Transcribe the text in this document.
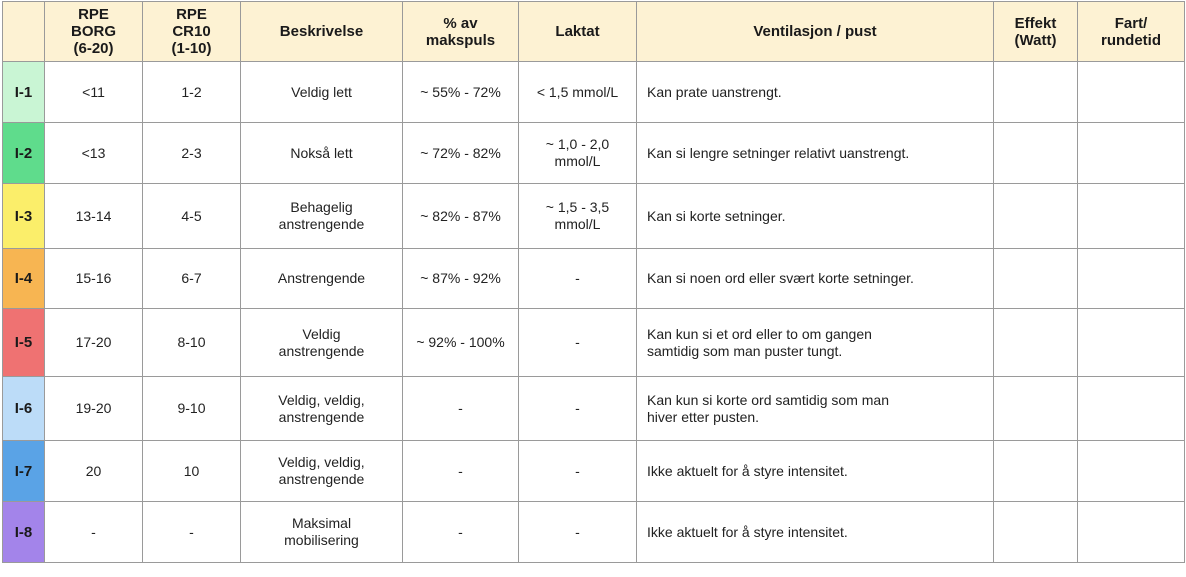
	RPE
BORG
(6-20)	RPE
CR10
(1-10)	Beskrivelse	% av
makspuls	Laktat	Ventilasjon / pust	Effekt
(Watt)	Fart/
rundetid
I-1	<11	1-2	Veldig lett	~ 55% - 72%	< 1,5 mmol/L	Kan prate uanstrengt.		
I-2	<13	2-3	Nokså lett	~ 72% - 82%	~ 1,0 - 2,0
mmol/L	Kan si lengre setninger relativt uanstrengt.		
I-3	13-14	4-5	Behagelig
anstrengende	~ 82% - 87%	~ 1,5 - 3,5
mmol/L	Kan si korte setninger.		
I-4	15-16	6-7	Anstrengende	~ 87% - 92%	-	Kan si noen ord eller svært korte setninger.		
I-5	17-20	8-10	Veldig
anstrengende	~ 92% - 100%	-	Kan kun si et ord eller to om gangen
samtidig som man puster tungt.		
I-6	19-20	9-10	Veldig, veldig,
anstrengende	-	-	Kan kun si korte ord samtidig som man
hiver etter pusten.		
I-7	20	10	Veldig, veldig,
anstrengende	-	-	Ikke aktuelt for å styre intensitet.		
I-8	-	-	Maksimal
mobilisering	-	-	Ikke aktuelt for å styre intensitet.		
